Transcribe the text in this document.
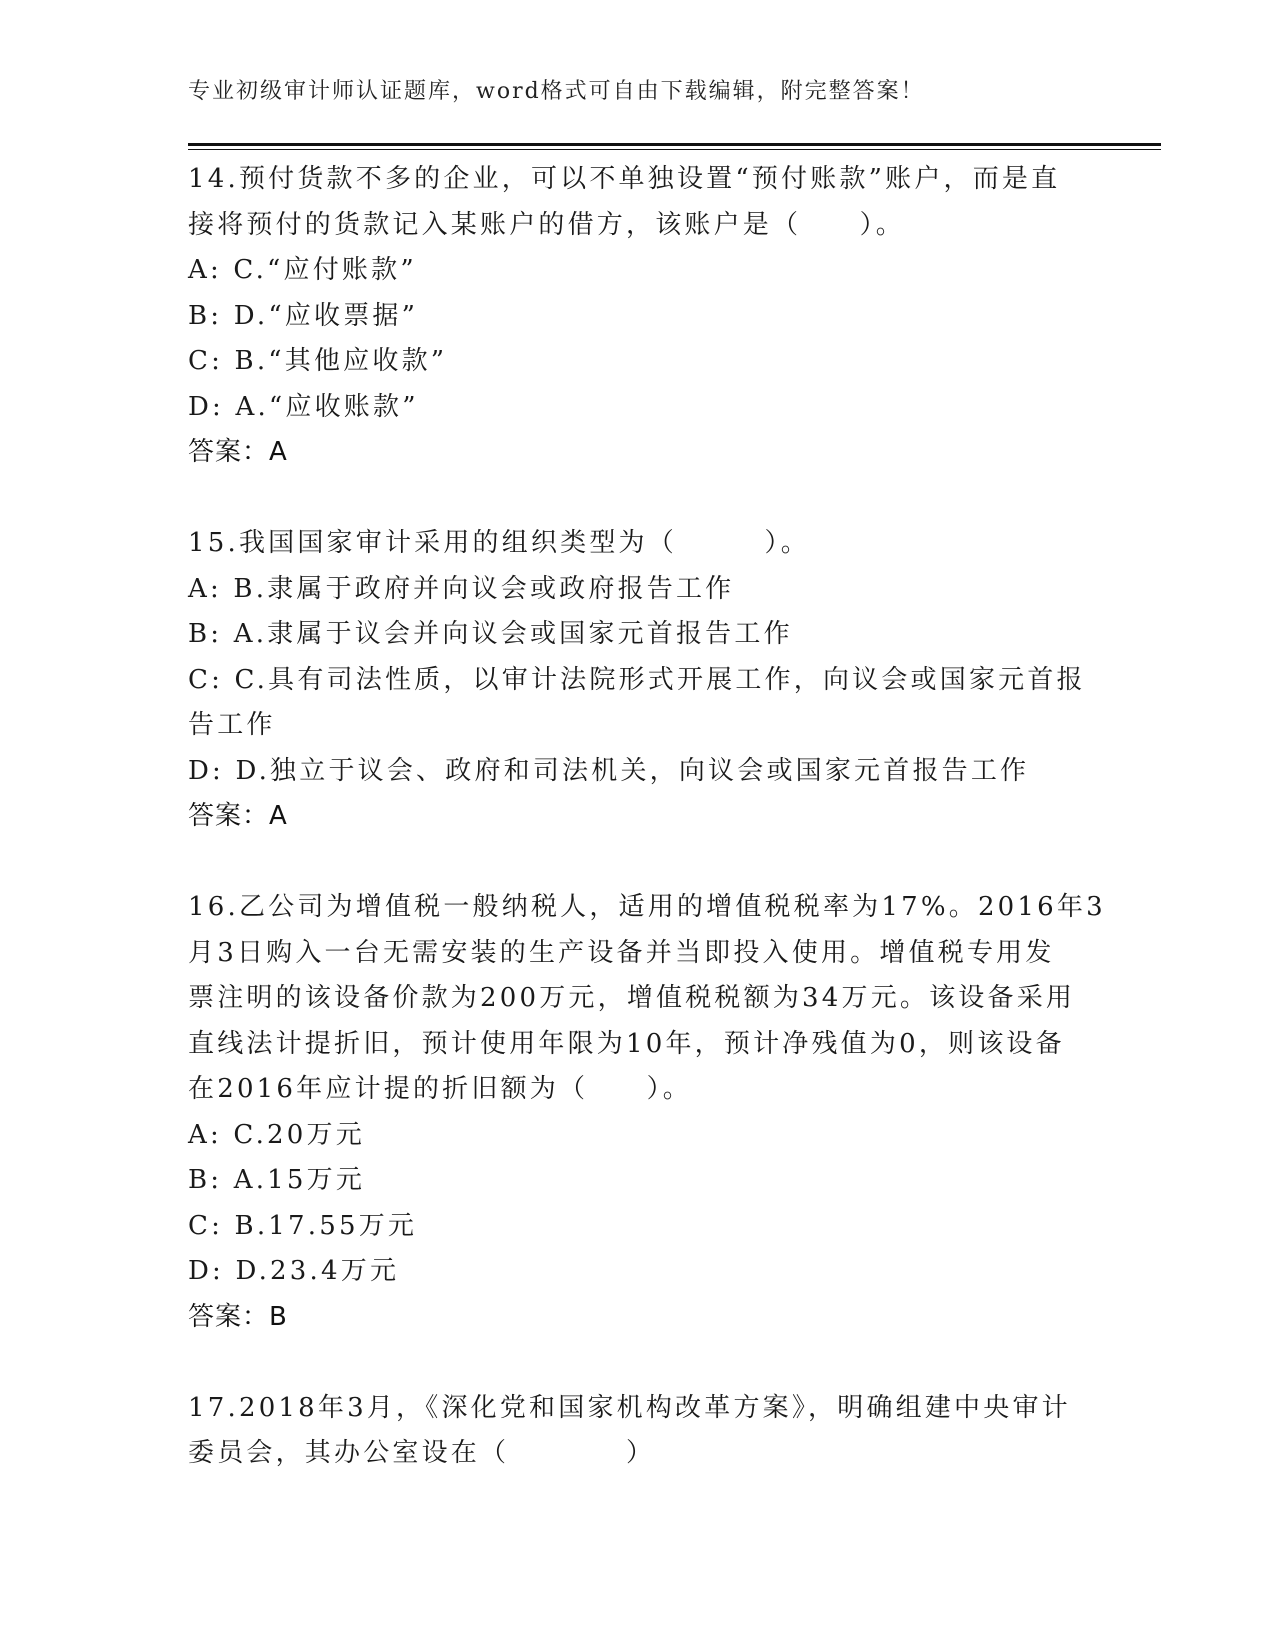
专业初级审计师认证题库，word格式可自由下载编辑，附完整答案！
14.预付货款不多的企业，可以不单独设置“预付账款”账户，而是直
接将预付的货款记入某账户的借方，该账户是（　　）。
A: C.“应付账款”
B: D.“应收票据”
C: B.“其他应收款”
D: A.“应收账款”
答案：A
15.我国国家审计采用的组织类型为（　　　）。
A: B.隶属于政府并向议会或政府报告工作
B: A.隶属于议会并向议会或国家元首报告工作
C: C.具有司法性质，以审计法院形式开展工作，向议会或国家元首报
告工作
D: D.独立于议会、政府和司法机关，向议会或国家元首报告工作
答案：A
16.乙公司为增值税一般纳税人，适用的增值税税率为17%。2016年3
月3日购入一台无需安装的生产设备并当即投入使用。增值税专用发
票注明的该设备价款为200万元，增值税税额为34万元。该设备采用
直线法计提折旧，预计使用年限为10年，预计净残值为0，则该设备
在2016年应计提的折旧额为（　　）。
A: C.20万元
B: A.15万元
C: B.17.55万元
D: D.23.4万元
答案：B
17.2018年3月，《深化党和国家机构改革方案》，明确组建中央审计
委员会，其办公室设在（　　　　）
